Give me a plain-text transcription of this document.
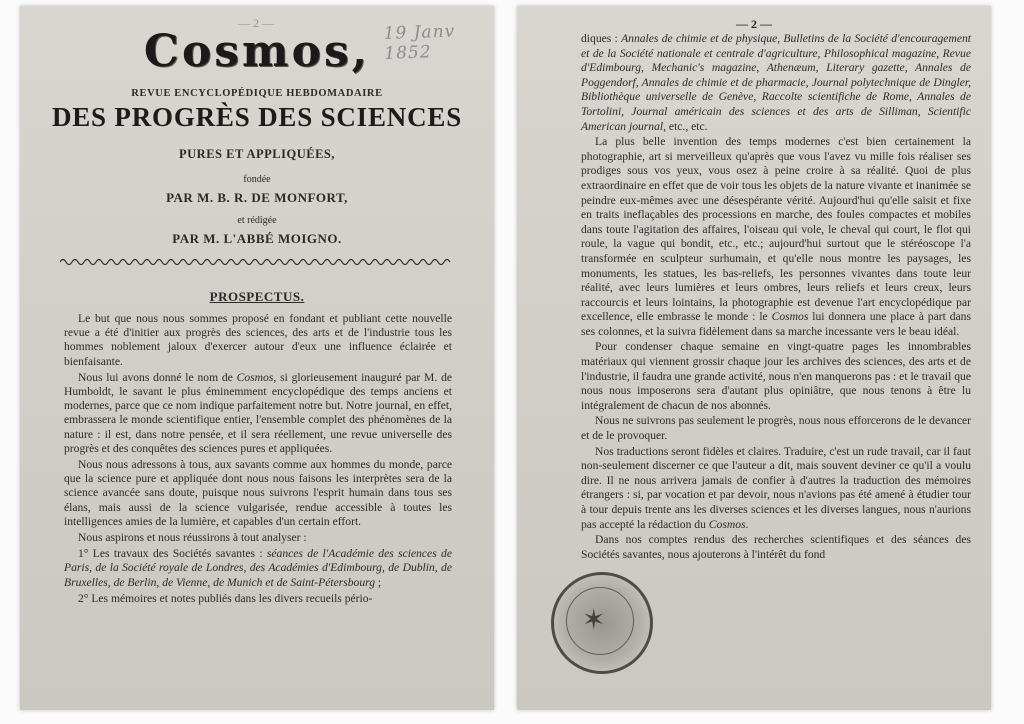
— 2 —	19 Janv 1852
Cosmos,
REVUE ENCYCLOPÉDIQUE HEBDOMADAIRE
DES PROGRÈS DES SCIENCES
PURES ET APPLIQUÉES,
fondée
PAR M. B. R. DE MONFORT,
et rédigée
PAR M. L'ABBÉ MOIGNO.
PROSPECTUS.

Le but que nous nous sommes proposé en fondant et publiant cette nouvelle revue a été d'initier aux progrès des sciences, des arts et de l'industrie tous les hommes noblement jaloux d'exercer autour d'eux une influence éclairée et bienfaisante.

Nous lui avons donné le nom de Cosmos, si glorieusement inauguré par M. de Humboldt, le savant le plus éminemment encyclopédique des temps anciens et modernes, parce que ce nom indique parfaitement notre but. Notre journal, en effet, embrassera le monde scientifique entier, l'ensemble complet des phénomènes de la nature : il est, dans notre pensée, et il sera réellement, une revue universelle des progrès et des conquêtes des sciences pures et appliquées.

Nous nous adressons à tous, aux savants comme aux hommes du monde, parce que la science pure et appliquée dont nous nous faisons les interprètes sera de la science avancée sans doute, puisque nous suivrons l'esprit humain dans tous ses élans, mais aussi de la science vulgarisée, rendue accessible à toutes les intelligences amies de la lumière, et capables d'un certain effort.

Nous aspirons et nous réussirons à tout analyser :

1° Les travaux des Sociétés savantes : séances de l'Académie des sciences de Paris, de la Société royale de Londres, des Académies d'Edimbourg, de Dublin, de Bruxelles, de Berlin, de Vienne, de Munich et de Saint-Pétersbourg ;

2° Les mémoires et notes publiés dans les divers recueils pério-

— 2 —

diques : Annales de chimie et de physique, Bulletins de la Société d'encouragement et de la Société nationale et centrale d'agriculture, Philosophical magazine, Revue d'Edimbourg, Mechanic's magazine, Athenæum, Literary gazette, Annales de Poggendorf, Annales de chimie et de pharmacie, Journal polytechnique de Dingler, Bibliothèque universelle de Genève, Raccolte scientifiche de Rome, Annales de Tortolini, Journal américain des sciences et des arts de Silliman, Scientific American journal, etc., etc.

La plus belle invention des temps modernes c'est bien certainement la photographie, art si merveilleux qu'après que vous l'avez vu mille fois réaliser ses prodiges sous vos yeux, vous osez à peine croire à sa réalité. Quoi de plus extraordinaire en effet que de voir tous les objets de la nature vivante et inanimée se peindre eux-mêmes avec une désespérante vérité. Aujourd'hui qu'elle saisit et fixe en traits ineflaçables des processions en marche, des foules compactes et mobiles dans toute l'agitation des affaires, l'oiseau qui vole, le cheval qui court, le flot qui roule, la vague qui bondit, etc., etc.; aujourd'hui surtout que le stéréoscope l'a transformée en sculpteur surhumain, et qu'elle nous montre les paysages, les monuments, les statues, les bas-reliefs, les personnes vivantes dans toute leur réalité, avec leurs lumières et leurs ombres, leurs reliefs et leurs creux, leurs raccourcis et leurs lointains, la photographie est devenue l'art encyclopédique par excellence, elle embrasse le monde : le Cosmos lui donnera une place à part dans ses colonnes, et la suivra fidèlement dans sa marche incessante vers le beau idéal.

Pour condenser chaque semaine en vingt-quatre pages les innombrables matériaux qui viennent grossir chaque jour les archives des sciences, des arts et de l'industrie, il faudra une grande activité, nous n'en manquerons pas : et le travail que nous nous imposerons sera d'autant plus opiniâtre, que nous tenons à être lu intégralement de chacun de nos abonnés.

Nous ne suivrons pas seulement le progrès, nous nous efforcerons de le devancer et de le provoquer.

Nos traductions seront fidèles et claires. Traduire, c'est un rude travail, car il faut non-seulement discerner ce que l'auteur a dit, mais souvent deviner ce qu'il a voulu dire. Il ne nous arrivera jamais de confier à d'autres la traduction des mémoires étrangers : si, par vocation et par devoir, nous n'avions pas été amené à étudier tour à tour depuis trente ans les diverses sciences et les diverses langues, nous n'aurions pas accepté la rédaction du Cosmos.

Dans nos comptes rendus des recherches scientifiques et des séances des Sociétés savantes, nous ajouterons à l'intérêt du fond

✶
